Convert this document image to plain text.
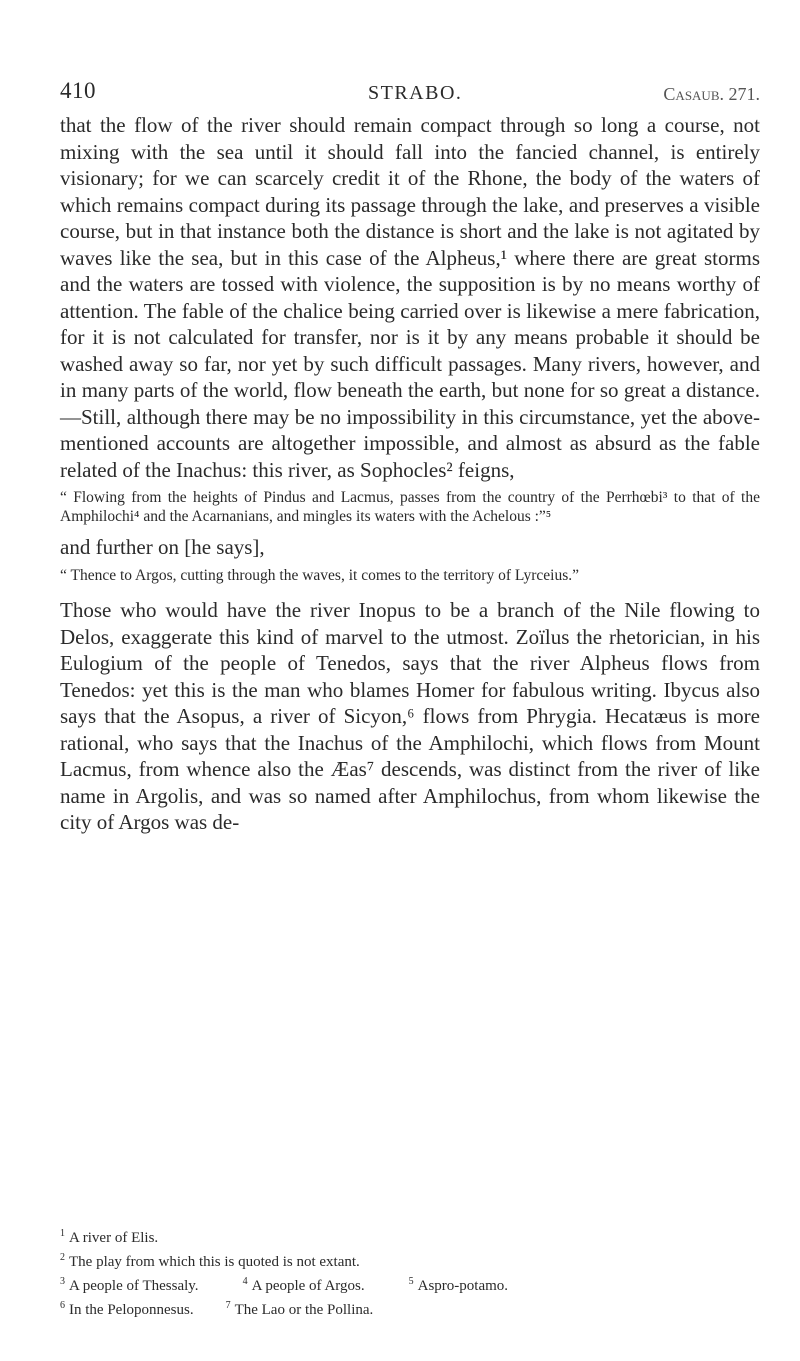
410	STRABO.	Casaub. 271.

that the flow of the river should remain compact through so long a course, not mixing with the sea until it should fall into the fancied channel, is entirely visionary; for we can scarcely credit it of the Rhone, the body of the waters of which remains compact during its passage through the lake, and preserves a visible course, but in that instance both the distance is short and the lake is not agitated by waves like the sea, but in this case of the Alpheus,¹ where there are great storms and the waters are tossed with violence, the supposition is by no means worthy of attention. The fable of the chalice being carried over is likewise a mere fabrication, for it is not calculated for transfer, nor is it by any means probable it should be washed away so far, nor yet by such difficult passages. Many rivers, however, and in many parts of the world, flow beneath the earth, but none for so great a distance.—Still, although there may be no impossibility in this circumstance, yet the above-mentioned accounts are altogether impossible, and almost as absurd as the fable related of the Inachus: this river, as Sophocles² feigns,

“ Flowing from the heights of Pindus and Lacmus, passes from the country of the Perrhœbi³ to that of the Amphilochi⁴ and the Acarnanians, and mingles its waters with the Achelous :”⁵

and further on [he says],

“ Thence to Argos, cutting through the waves, it comes to the territory of Lyrceius.”

Those who would have the river Inopus to be a branch of the Nile flowing to Delos, exaggerate this kind of marvel to the utmost. Zoïlus the rhetorician, in his Eulogium of the people of Tenedos, says that the river Alpheus flows from Tenedos: yet this is the man who blames Homer for fabulous writing. Ibycus also says that the Asopus, a river of Sicyon,⁶ flows from Phrygia. Hecatæus is more rational, who says that the Inachus of the Amphilochi, which flows from Mount Lacmus, from whence also the Æas⁷ descends, was distinct from the river of like name in Argolis, and was so named after Amphilochus, from whom likewise the city of Argos was de-

$^1$ A river of Elis.
$^2$ The play from which this is quoted is not extant.
$^3$ A people of Thessaly.	$^4$ A people of Argos.	$^5$ Aspro-potamo.
$^6$ In the Peloponnesus.	$^7$ The Lao or the Pollina.
